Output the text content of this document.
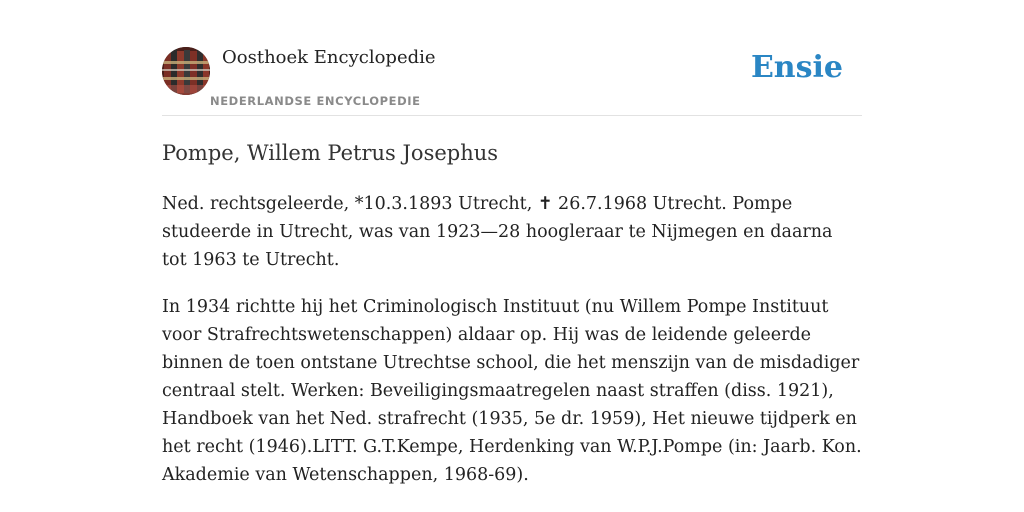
Oosthoek Encyclopedie
NEDERLANDSE ENCYCLOPEDIE
Ensie
Pompe, Willem Petrus Josephus

Ned. rechtsgeleerde, *10.3.1893 Utrecht, ✝ 26.7.1968 Utrecht. Pompe studeerde in Utrecht, was van 1923—28 hoogleraar te Nijmegen en daarna tot 1963 te Utrecht.

In 1934 richtte hij het Criminologisch Instituut (nu Willem Pompe Instituut voor Strafrechtswetenschappen) aldaar op. Hij was de leidende geleerde binnen de toen ontstane Utrechtse school, die het menszijn van de misdadiger centraal stelt. Werken: Beveiligingsmaatregelen naast straffen (diss. 1921), Handboek van het Ned. strafrecht (1935, 5e dr. 1959), Het nieuwe tijdperk en het recht (1946).LITT. G.T.Kempe, Herdenking van W.P.J.Pompe (in: Jaarb. Kon. Akademie van Wetenschappen, 1968-69).
